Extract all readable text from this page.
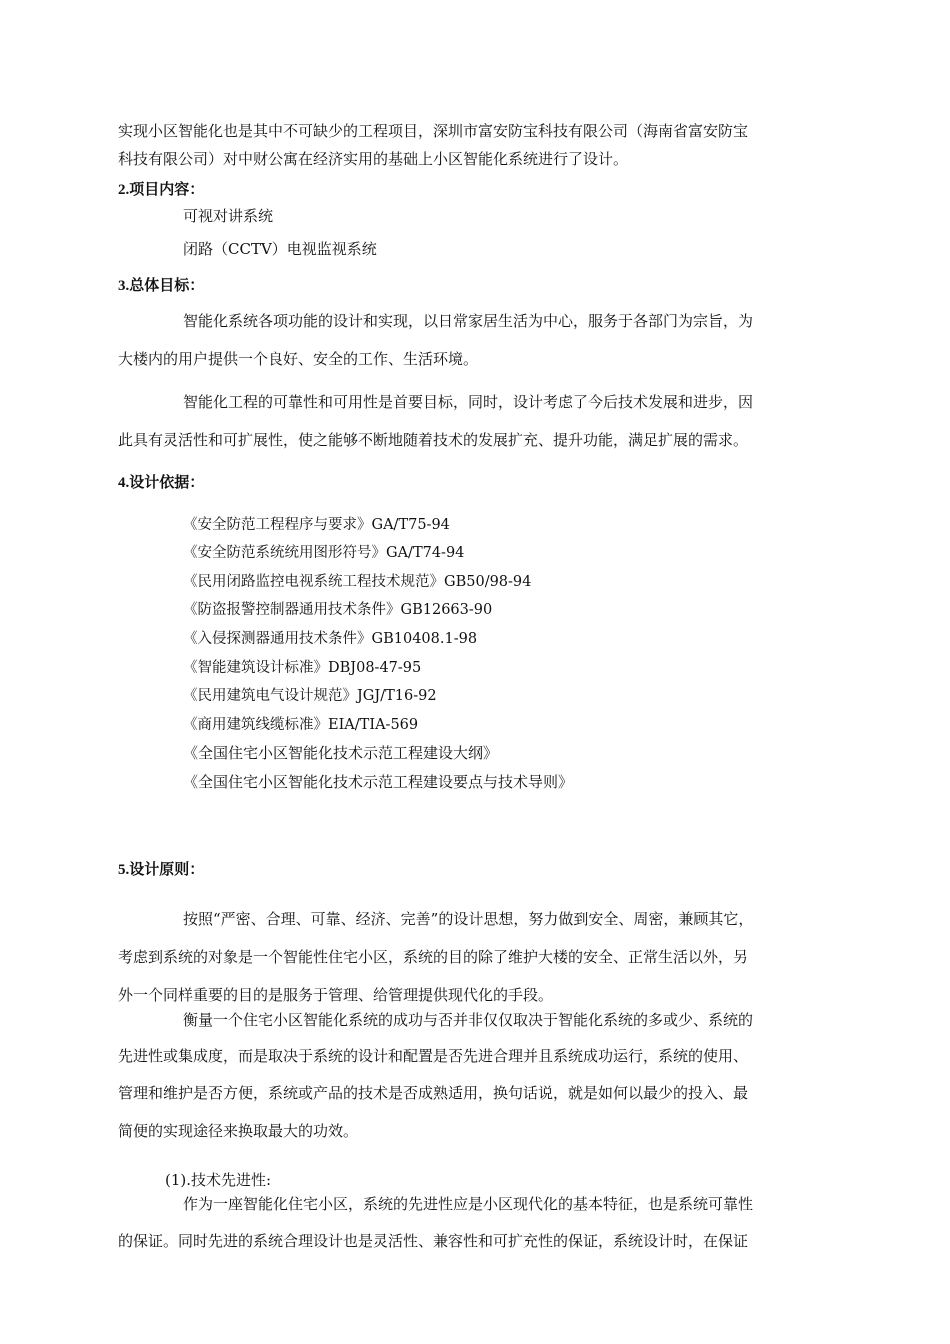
实现小区智能化也是其中不可缺少的工程项目，深圳市富安防宝科技有限公司（海南省富安防宝
科技有限公司）对中财公寓在经济实用的基础上小区智能化系统进行了设计。
2.项目内容：
可视对讲系统
闭路（CCTV）电视监视系统
3.总体目标：
智能化系统各项功能的设计和实现，以日常家居生活为中心，服务于各部门为宗旨，为
大楼内的用户提供一个良好、安全的工作、生活环境。
智能化工程的可靠性和可用性是首要目标，同时，设计考虑了今后技术发展和进步，因
此具有灵活性和可扩展性，使之能够不断地随着技术的发展扩充、提升功能，满足扩展的需求。
4.设计依据：
《安全防范工程程序与要求》GA/T75-94
《安全防范系统统用图形符号》GA/T74-94
《民用闭路监控电视系统工程技术规范》GB50/98-94
《防盗报警控制器通用技术条件》GB12663-90
《入侵探测器通用技术条件》GB10408.1-98
《智能建筑设计标准》DBJ08-47-95
《民用建筑电气设计规范》JGJ/T16-92
《商用建筑线缆标准》EIA/TIA-569
《全国住宅小区智能化技术示范工程建设大纲》
《全国住宅小区智能化技术示范工程建设要点与技术导则》
5.设计原则：
按照“严密、合理、可靠、经济、完善”的设计思想，努力做到安全、周密，兼顾其它，
考虑到系统的对象是一个智能性住宅小区，系统的目的除了维护大楼的安全、正常生活以外，另
外一个同样重要的目的是服务于管理、给管理提供现代化的手段。
衡量一个住宅小区智能化系统的成功与否并非仅仅取决于智能化系统的多或少、系统的
先进性或集成度，而是取决于系统的设计和配置是否先进合理并且系统成功运行，系统的使用、
管理和维护是否方便，系统或产品的技术是否成熟适用，换句话说，就是如何以最少的投入、最
简便的实现途径来换取最大的功效。
(1).技术先进性:
作为一座智能化住宅小区，系统的先进性应是小区现代化的基本特征，也是系统可靠性
的保证。同时先进的系统合理设计也是灵活性、兼容性和可扩充性的保证，系统设计时，在保证
